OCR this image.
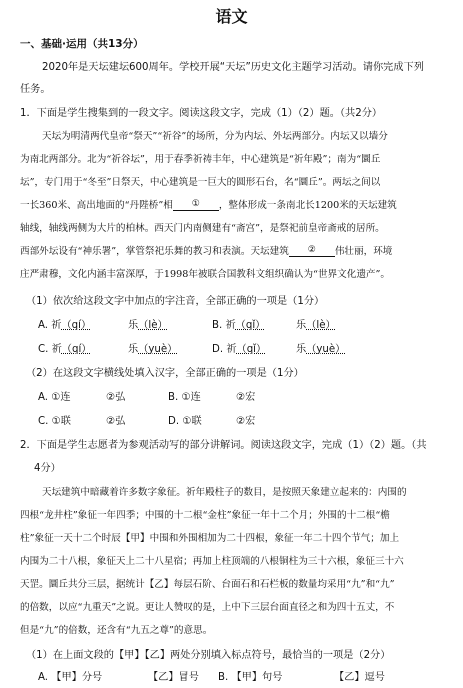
语文
一、基础·运用（共13分）
2020年是天坛建坛600周年。学校开展“天坛”历史文化主题学习活动。请你完成下列
任务。
1．下面是学生搜集到的一段文字。阅读这段文字，完成（1）（2）题。（共2分）
天坛为明清两代皇帝“祭天”“祈谷”的场所，分为内坛、外坛两部分。内坛又以墙分
为南北两部分。北为“祈谷坛”，用于春季祈祷丰年，中心建筑是“祈年殿”；南为“圜丘
坛”，专门用于“冬至”日祭天，中心建筑是一巨大的圆形石台，名“圜丘”。两坛之间以
一长360米、高出地面的“丹陛桥”相 ① ，整体形成一条南北长1200米的天坛建筑
轴线，轴线两侧为大片的柏林。西天门内南侧建有“斋宫”，是祭祀前皇帝斋戒的居所。
西部外坛设有“神乐署”，掌管祭祀乐舞的教习和表演。天坛建筑 ② 伟壮丽，环境
庄严肃穆，文化内涵丰富深厚，于1998年被联合国教科文组织确认为“世界文化遗产”。
（1）依次给这段文字中加点的字注音，全部正确的一项是（1分）
A. 祈（qí）	乐（lè）	B. 祈（qǐ）	乐（lè）
C. 祈（qí）	乐（yuè）	D. 祈（qǐ）	乐（yuè）
（2）在这段文字横线处填入汉字，全部正确的一项是（1分）
A. ①连	②弘	B. ①连	②宏
C. ①联	②弘	D. ①联	②宏
2．下面是学生志愿者为参观活动写的部分讲解词。阅读这段文字，完成（1）（2）题。（共
4分）
天坛建筑中暗藏着许多数字象征。祈年殿柱子的数目，是按照天象建立起来的：内围的
四根“龙井柱”象征一年四季；中围的十二根“金柱”象征一年十二个月；外围的十二根“檐
柱”象征一天十二个时辰【甲】中围和外围相加为二十四根，象征一年二十四个节气；加上
内围为二十八根，象征天上二十八星宿；再加上柱顶端的八根铜柱为三十六根，象征三十六
天罡。圜丘共分三层，据统计【乙】每层石阶、台面石和石栏板的数量均采用“九”和“九”
的倍数，以应“九重天”之说。更让人赞叹的是，上中下三层台面直径之和为四十五丈，不
但是“九”的倍数，还含有“九五之尊”的意思。
（1）在上面文段的【甲】【乙】两处分别填入标点符号，最恰当的一项是（2分）
A. 【甲】分号	【乙】冒号 B. 【甲】句号	【乙】逗号
